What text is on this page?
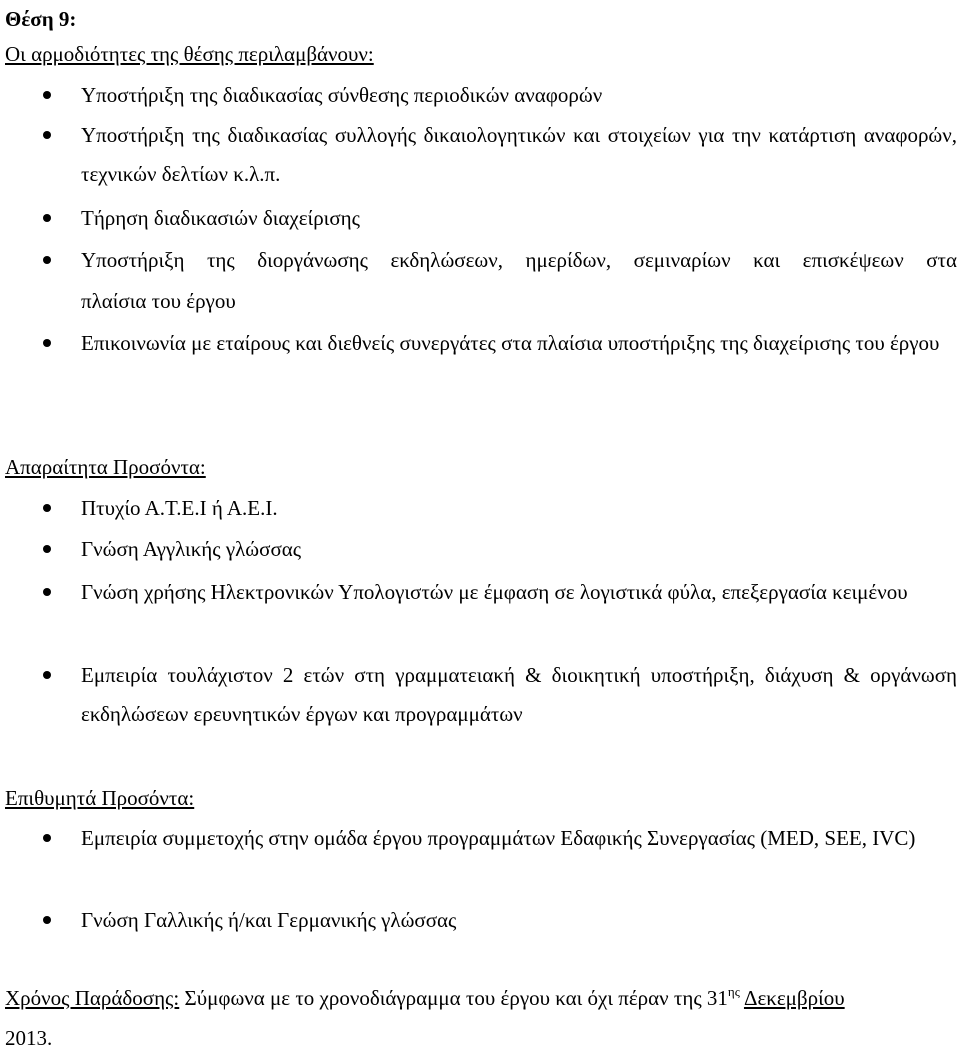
Θέση 9:
Οι αρμοδιότητες της θέσης περιλαμβάνουν:
Υποστήριξη της διαδικασίας σύνθεσης περιοδικών αναφορών
Υποστήριξη της διαδικασίας συλλογής δικαιολογητικών και στοιχείων για την κατάρτιση αναφορών, τεχνικών δελτίων κ.λ.π.
Τήρηση διαδικασιών διαχείρισης
Υποστήριξη της διοργάνωσης εκδηλώσεων, ημερίδων, σεμιναρίων και επισκέψεων στα
πλαίσια του έργου
Επικοινωνία με εταίρους και διεθνείς συνεργάτες στα πλαίσια υποστήριξης της διαχείρισης του έργου
Απαραίτητα Προσόντα:
Πτυχίο Α.Τ.Ε.Ι ή Α.Ε.Ι.
Γνώση Αγγλικής γλώσσας
Γνώση χρήσης Ηλεκτρονικών Υπολογιστών με έμφαση σε λογιστικά φύλα, επεξεργασία κειμένου
Εμπειρία τουλάχιστον 2 ετών στη γραμματειακή & διοικητική υποστήριξη, διάχυση & οργάνωση εκδηλώσεων ερευνητικών έργων και προγραμμάτων
Επιθυμητά Προσόντα:
Εμπειρία συμμετοχής στην ομάδα έργου προγραμμάτων Εδαφικής Συνεργασίας (MED, SEE, IVC)
Γνώση Γαλλικής ή/και Γερμανικής γλώσσας
Χρόνος Παράδοσης: Σύμφωνα με το χρονοδιάγραμμα του έργου και όχι πέραν της $31^{\eta\varsigma}$ Δεκεμβρίου
2013.
